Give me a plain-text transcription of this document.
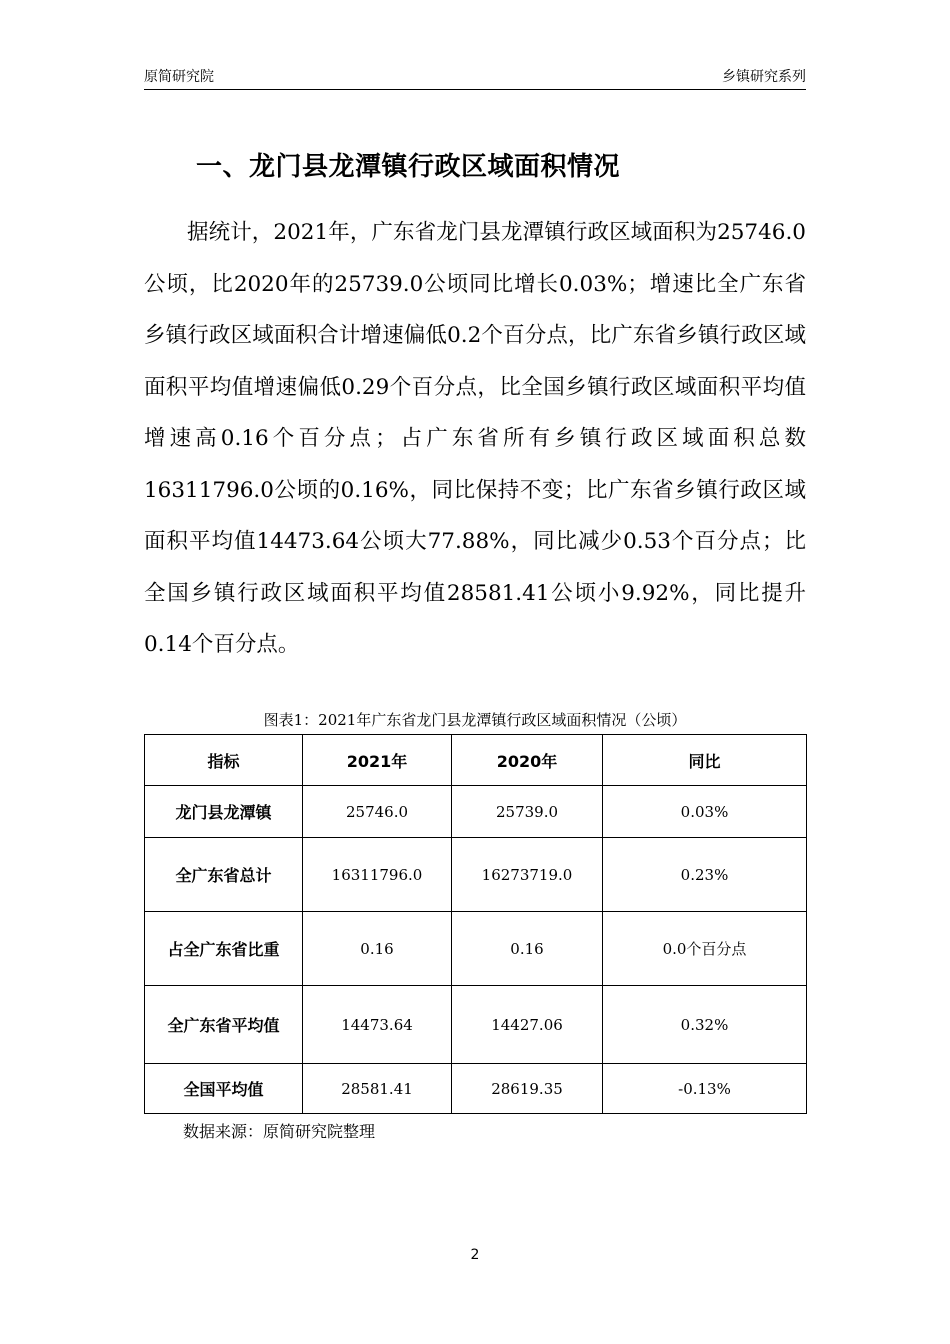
原简研究院	乡镇研究系列
一、龙门县龙潭镇行政区域面积情况

据统计，2021年，广东省龙门县龙潭镇行政区域面积为25746.0公顷，比2020年的25739.0公顷同比增长0.03%；增速比全广东省乡镇行政区域面积合计增速偏低0.2个百分点，比广东省乡镇行政区域面积平均值增速偏低0.29个百分点，比全国乡镇行政区域面积平均值增速高0.16个百分点；占广东省所有乡镇行政区域面积总数16311796.0公顷的0.16%，同比保持不变；比广东省乡镇行政区域面积平均值14473.64公顷大77.88%，同比减少0.53个百分点；比全国乡镇行政区域面积平均值28581.41公顷小9.92%，同比提升0.14个百分点。

图表1：2021年广东省龙门县龙潭镇行政区域面积情况（公顷）
指标	2021年	2020年	同比
龙门县龙潭镇	25746.0	25739.0	0.03%
全广东省总计	16311796.0	16273719.0	0.23%
占全广东省比重	0.16	0.16	0.0个百分点
全广东省平均值	14473.64	14427.06	0.32%
全国平均值	28581.41	28619.35	-0.13%
数据来源：原简研究院整理
2
